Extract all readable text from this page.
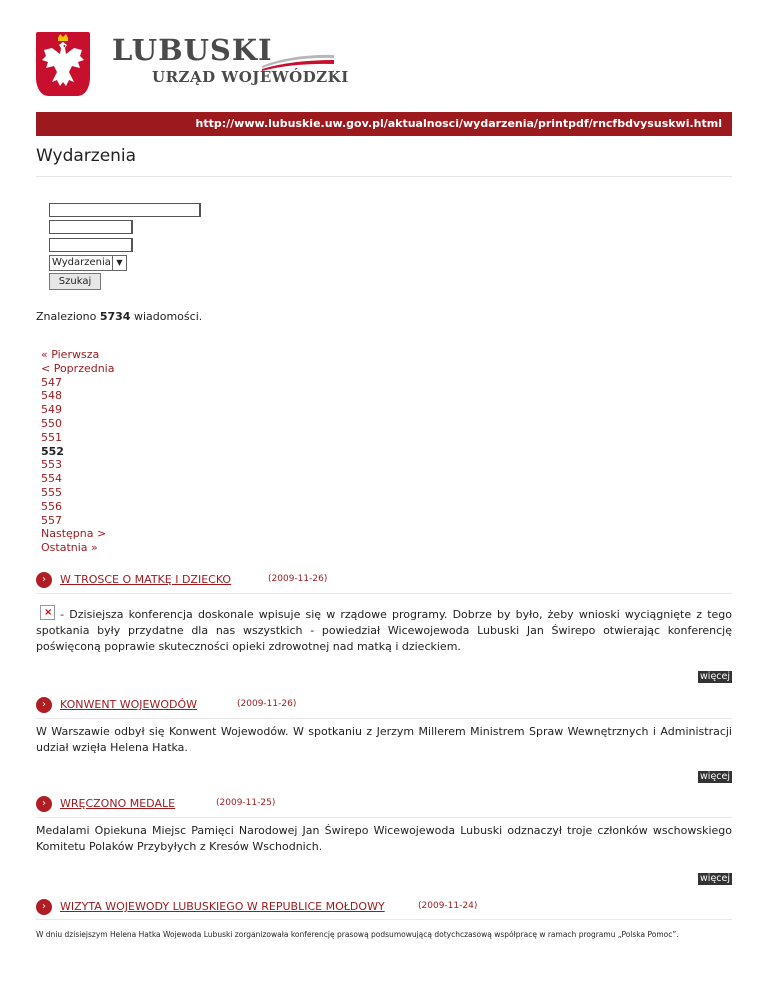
LUBUSKI
URZĄD WOJEWÓDZKI
http://www.lubuskie.uw.gov.pl/aktualnosci/wydarzenia/printpdf/rncfbdvysuskwi.html
Wydarzenia
Wydarzenia ▼
Szukaj
Znaleziono 5734 wiadomości.
« Pierwsza
< Poprzednia
547
548
549
550
551
552
553
554
555
556
557
Następna >
Ostatnia »
›	W TROSCE O MATKĘ I DZIECKO	(2009-11-26)

× - Dzisiejsza konferencja doskonale wpisuje się w rządowe programy. Dobrze by było, żeby wnioski wyciągnięte z tego spotkania były przydatne dla nas wszystkich - powiedział Wicewojewoda Lubuski Jan Świrepo otwierając konferencję poświęconą poprawie skuteczności opieki zdrowotnej nad matką i dzieckiem.

więcej
›	KONWENT WOJEWODÓW	(2009-11-26)

W Warszawie odbył się Konwent Wojewodów. W spotkaniu z Jerzym Millerem Ministrem Spraw Wewnętrznych i Administracji udział wzięła Helena Hatka.

więcej
›	WRĘCZONO MEDALE	(2009-11-25)

Medalami Opiekuna Miejsc Pamięci Narodowej Jan Świrepo Wicewojewoda Lubuski odznaczył troje członków wschowskiego Komitetu Polaków Przybyłych z Kresów Wschodnich.

więcej
›	WIZYTA WOJEWODY LUBUSKIEGO W REPUBLICE MOŁDOWY	(2009-11-24)

W dniu dzisiejszym Helena Hatka Wojewoda Lubuski zorganizowała konferencję prasową podsumowującą dotychczasową współpracę w ramach programu „Polska Pomoc”.
